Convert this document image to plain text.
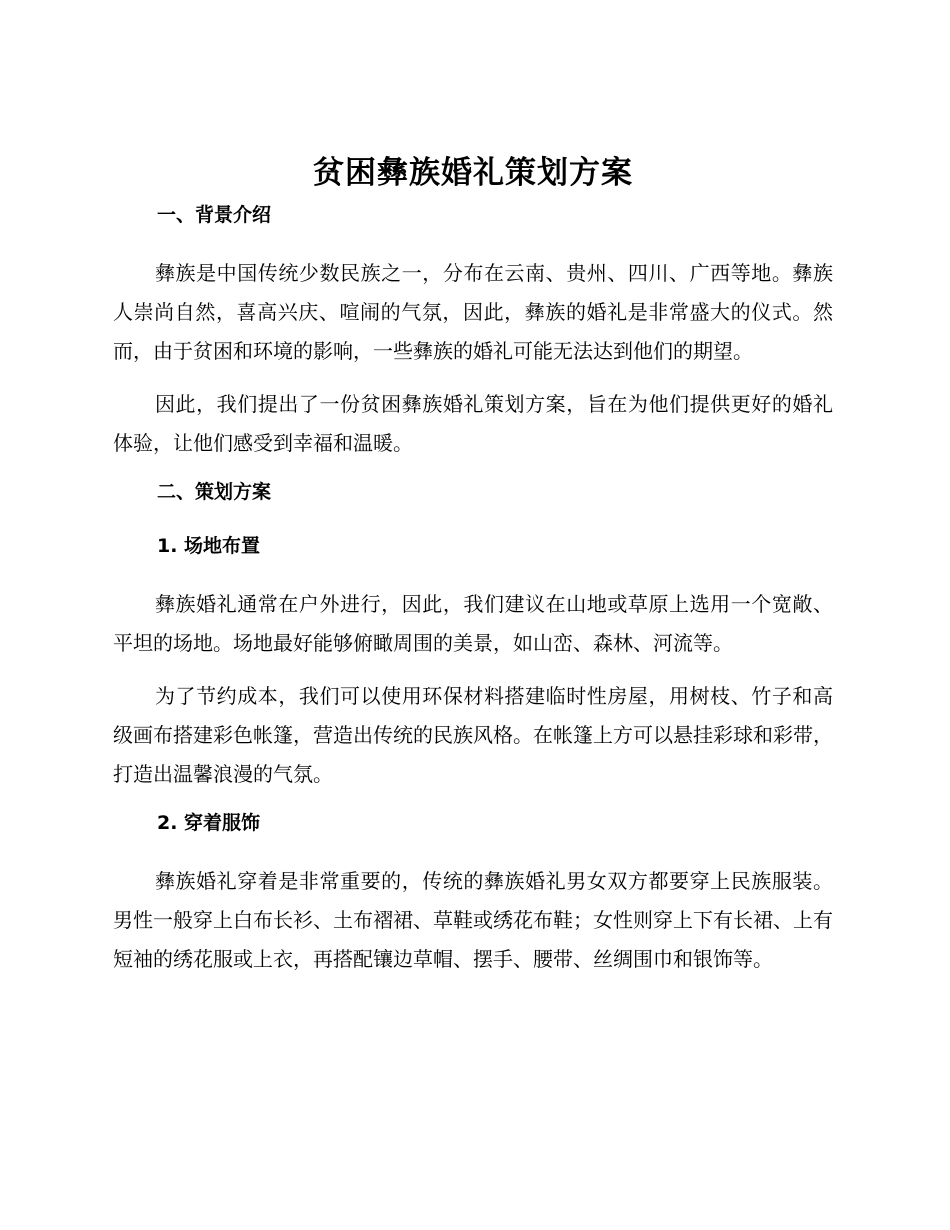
贫困彝族婚礼策划方案
一、背景介绍

彝族是中国传统少数民族之一，分布在云南、贵州、四川、广西等地。彝族人崇尚自然，喜高兴庆、喧闹的气氛，因此，彝族的婚礼是非常盛大的仪式。然而，由于贫困和环境的影响，一些彝族的婚礼可能无法达到他们的期望。

因此，我们提出了一份贫困彝族婚礼策划方案，旨在为他们提供更好的婚礼体验，让他们感受到幸福和温暖。

二、策划方案
1. 场地布置

彝族婚礼通常在户外进行，因此，我们建议在山地或草原上选用一个宽敞、平坦的场地。场地最好能够俯瞰周围的美景，如山峦、森林、河流等。

为了节约成本，我们可以使用环保材料搭建临时性房屋，用树枝、竹子和高级画布搭建彩色帐篷，营造出传统的民族风格。在帐篷上方可以悬挂彩球和彩带，打造出温馨浪漫的气氛。

2. 穿着服饰

彝族婚礼穿着是非常重要的，传统的彝族婚礼男女双方都要穿上民族服装。男性一般穿上白布长衫、土布褶裙、草鞋或绣花布鞋；女性则穿上下有长裙、上有短袖的绣花服或上衣，再搭配镶边草帽、摆手、腰带、丝绸围巾和银饰等。
